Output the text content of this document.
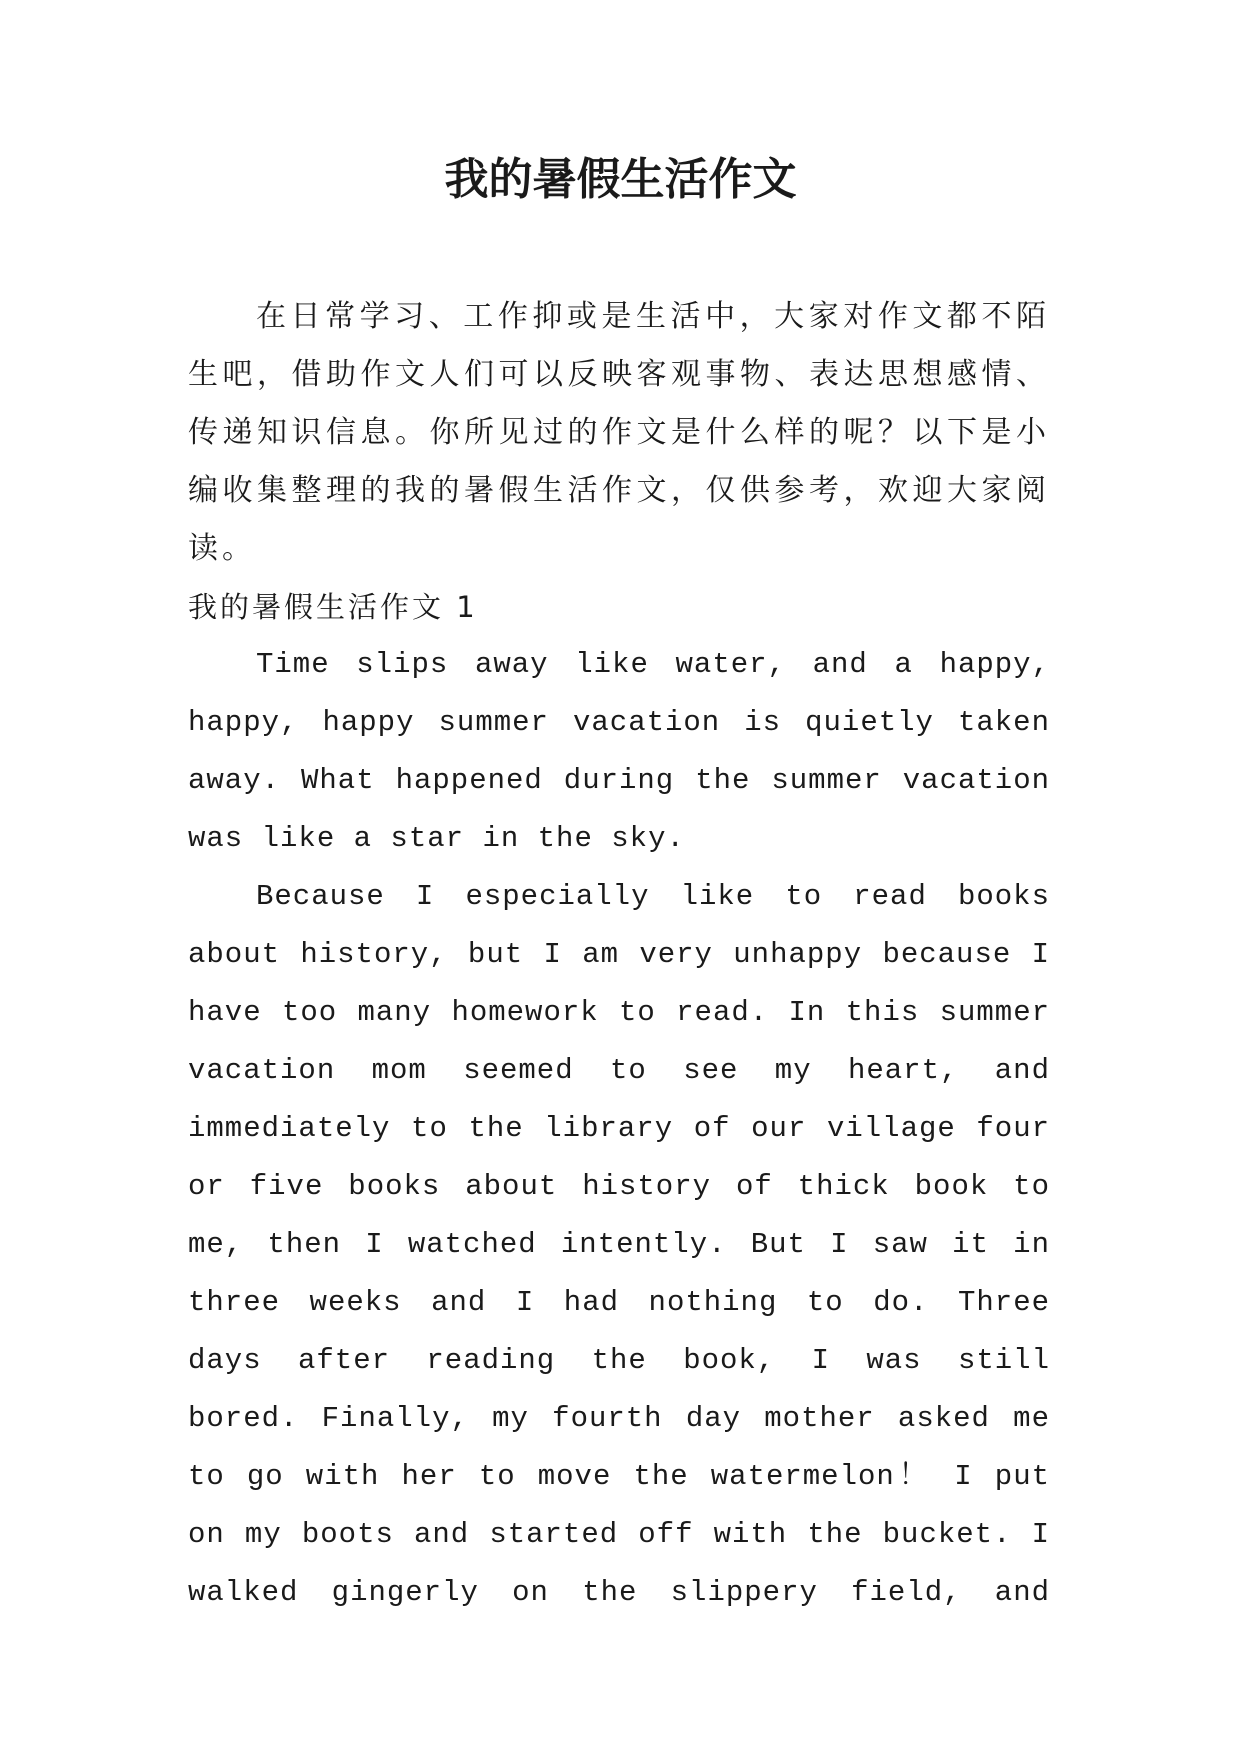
我的暑假生活作文

在日常学习、工作抑或是生活中，大家对作文都不陌生吧，借助作文人们可以反映客观事物、表达思想感情、传递知识信息。你所见过的作文是什么样的呢？以下是小编收集整理的我的暑假生活作文，仅供参考，欢迎大家阅读。

我的暑假生活作文 1

Time slips away like water, and a happy, happy, happy summer vacation is quietly taken away. What happened during the summer vacation was like a star in the sky.

Because I especially like to read books about history, but I am very unhappy because I have too many homework to read. In this summer vacation mom seemed to see my heart, and immediately to the library of our village four or five books about history of thick book to me, then I watched intently. But I saw it in three weeks and I had nothing to do. Three days after reading the book, I was still bored. Finally, my fourth day mother asked me to go with her to move the watermelon！ I put on my boots and started off with the bucket. I walked gingerly on the slippery field, and
